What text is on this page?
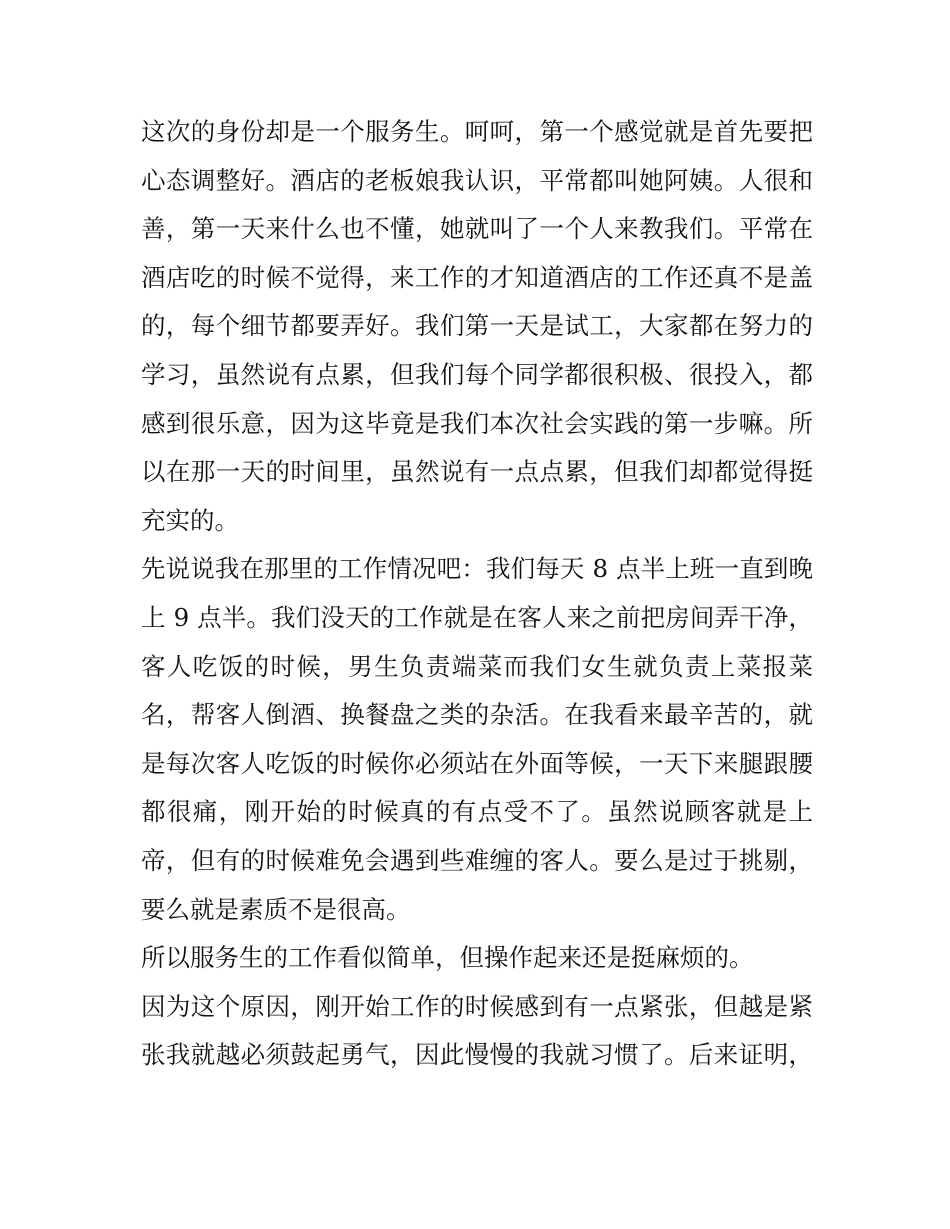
这次的身份却是一个服务生。呵呵，第一个感觉就是首先要把
心态调整好。酒店的老板娘我认识，平常都叫她阿姨。人很和
善，第一天来什么也不懂，她就叫了一个人来教我们。平常在
酒店吃的时候不觉得，来工作的才知道酒店的工作还真不是盖
的，每个细节都要弄好。我们第一天是试工，大家都在努力的
学习，虽然说有点累，但我们每个同学都很积极、很投入，都
感到很乐意，因为这毕竟是我们本次社会实践的第一步嘛。所
以在那一天的时间里，虽然说有一点点累，但我们却都觉得挺
充实的。
先说说我在那里的工作情况吧：我们每天 8 点半上班一直到晚
上 9 点半。我们没天的工作就是在客人来之前把房间弄干净，
客人吃饭的时候，男生负责端菜而我们女生就负责上菜报菜
名，帮客人倒酒、换餐盘之类的杂活。在我看来最辛苦的，就
是每次客人吃饭的时候你必须站在外面等候，一天下来腿跟腰
都很痛，刚开始的时候真的有点受不了。虽然说顾客就是上
帝，但有的时候难免会遇到些难缠的客人。要么是过于挑剔，
要么就是素质不是很高。
所以服务生的工作看似简单，但操作起来还是挺麻烦的。
因为这个原因，刚开始工作的时候感到有一点紧张，但越是紧
张我就越必须鼓起勇气，因此慢慢的我就习惯了。后来证明，
